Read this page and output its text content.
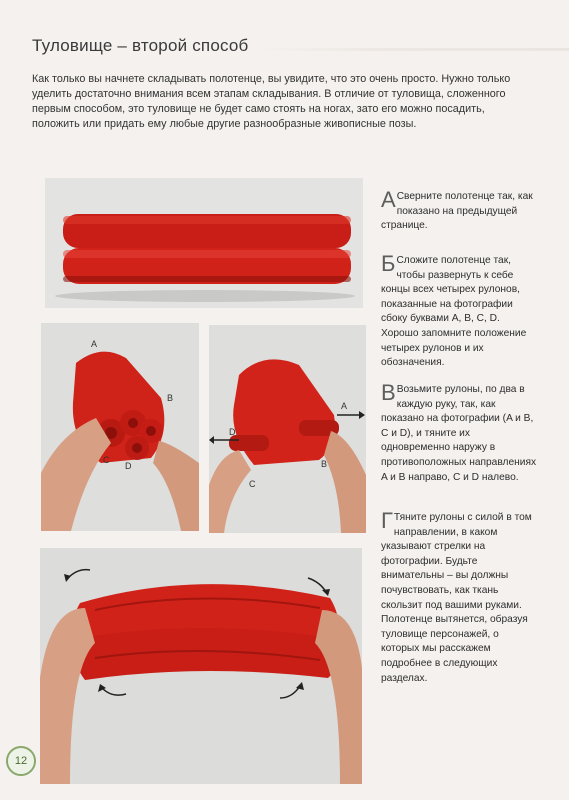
Туловище – второй способ
Как только вы начнете складывать полотенце, вы увидите, что это очень просто. Нужно только уделить достаточно внимания всем этапам складывания. В отличие от туловища, сложенного первым способом, это туловище не будет само стоять на ногах, зато его можно посадить, положить или придать ему любые другие разнообразные живописные позы.
A
B
C
D
A
B
C
D
А Сверните полотенце так, как показано на предыдущей странице.
Б Сложите полотенце так, чтобы развернуть к себе концы всех четырех рулонов, показанные на фотографии сбоку буквами A, B, C, D. Хорошо запомните положение четырех рулонов и их обозначения.
В Возьмите рулоны, по два в каждую руку, так, как показано на фотографии (A и B, C и D), и тяните их одновременно наружу в противоположных направлениях A и B направо, C и D налево.
Г Тяните рулоны с силой в том направлении, в каком указывают стрелки на фотографии. Будьте внимательны – вы должны почувствовать, как ткань скользит под вашими руками. Полотенце вытянется, образуя туловище персонажей, о которых мы расскажем подробнее в следующих разделах.
12
